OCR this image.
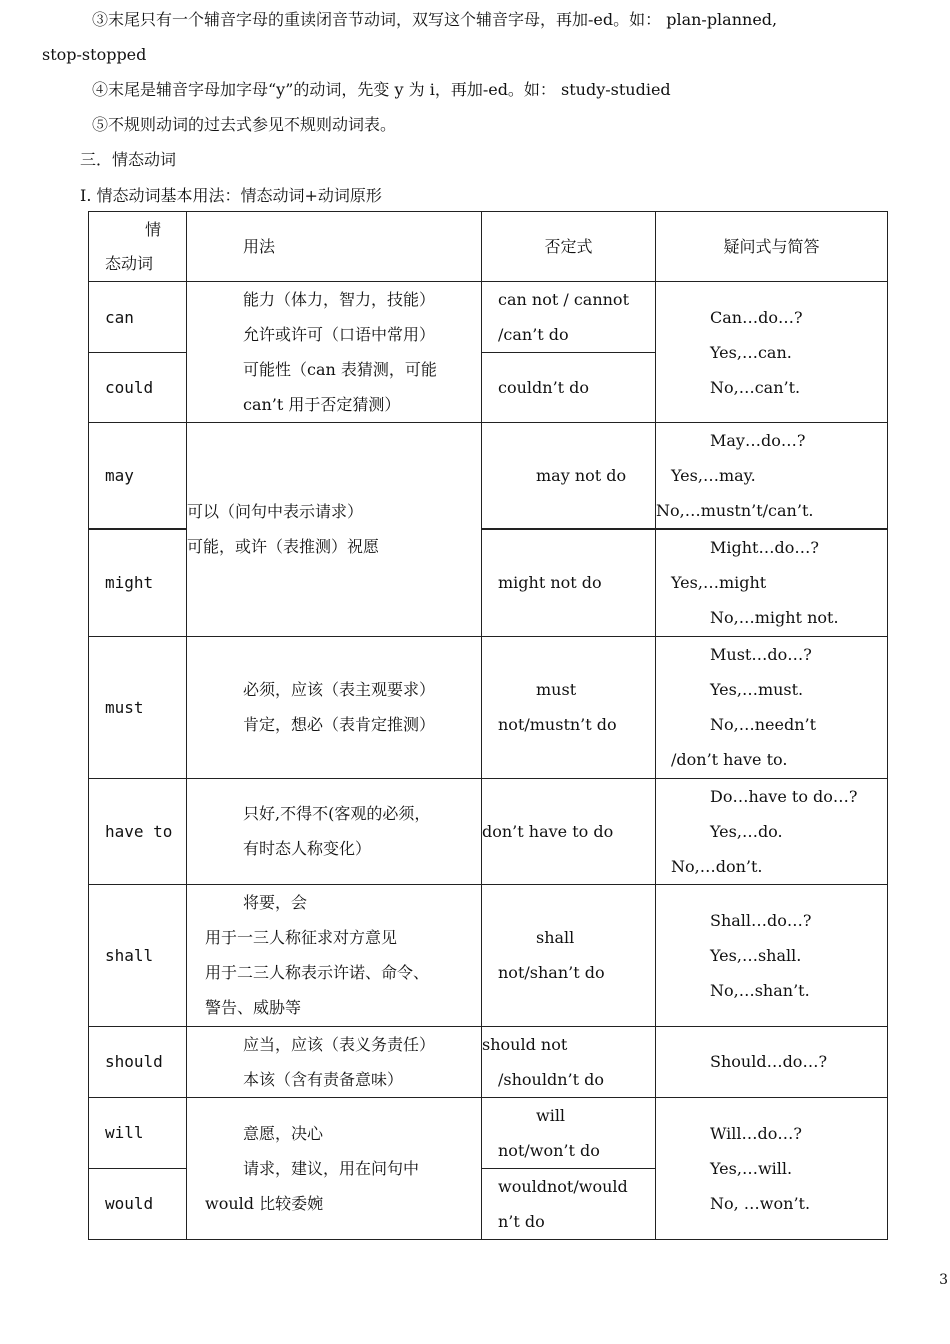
③末尾只有一个辅音字母的重读闭音节动词，双写这个辅音字母，再加-ed。如： plan-planned,
stop-stopped
④末尾是辅音字母加字母“y”的动词，先变 y 为 i，再加-ed。如： study-studied
⑤不规则动词的过去式参见不规则动词表。
三．情态动词
I. 情态动词基本用法：情态动词+动词原形
情
态动词	用法	否定式	疑问式与简答

can	能力（体力，智力，技能）
允许或许可（口语中常用）
可能性（can 表猜测，可能
can’t 用于否定猜测）	can not / cannot
/can’t do	Can…do…?
Yes,…can.
No,…can’t.

could		couldn’t do	

may	可以（问句中表示请求）
可能，或许（表推测）祝愿	may not do	May…do…?
Yes,…may.
No,…mustn’t/can’t.

might		might not do	Might…do…?
Yes,…might
No,…might not.

must	必须，应该（表主观要求）
肯定，想必（表肯定推测）	must
not/mustn’t do	Must…do…?
Yes,…must.
No,…needn’t
/don’t have to.

have to	只好,不得不(客观的必须，
有时态人称变化）	don’t have to do	Do…have to do…?
Yes,…do.
No,…don’t.

shall	将要，会
用于一三人称征求对方意见
用于二三人称表示许诺、命令、
警告、威胁等	shall
not/shan’t do	Shall…do…?
Yes,…shall.
No,…shan’t.

should	应当，应该（表义务责任）
本该（含有责备意味）	should not
/shouldn’t do	Should…do…?

will	意愿，决心
请求，建议，用在问句中
would 比较委婉	will
not/won’t do	Will…do…?
Yes,…will.
No, …won’t.

would		wouldnot/would
n’t do	
3
